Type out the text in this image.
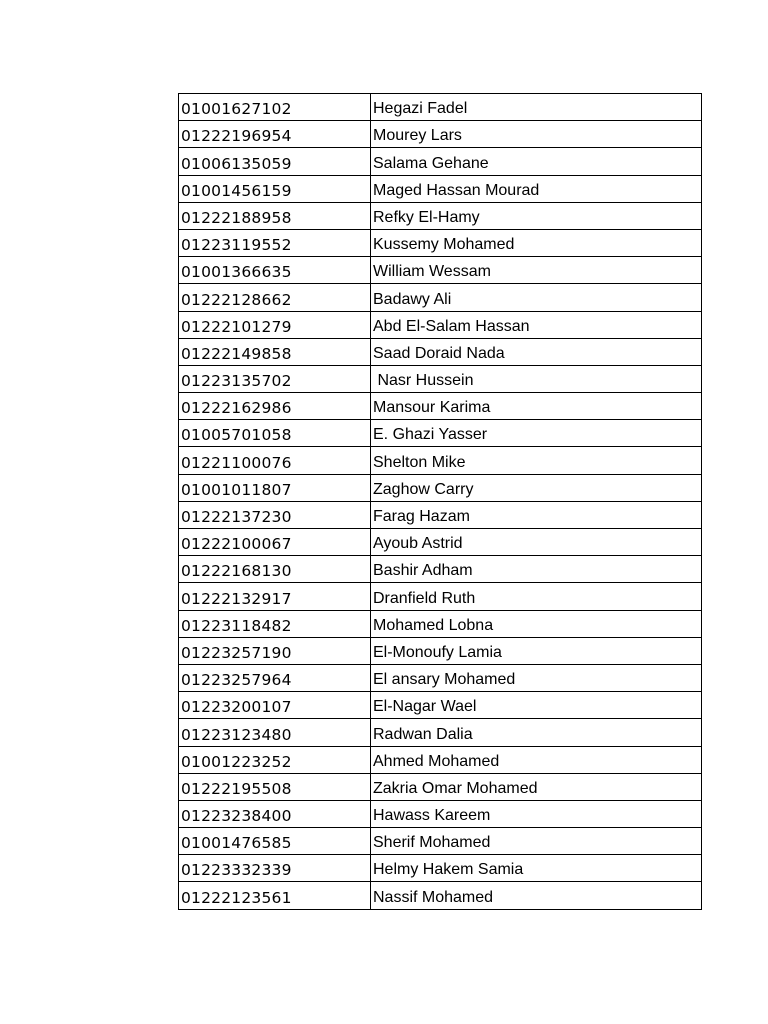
01001627102	Hegazi Fadel
01222196954	Mourey Lars
01006135059	Salama Gehane
01001456159	Maged Hassan Mourad
01222188958	Refky El-Hamy
01223119552	Kussemy Mohamed
01001366635	William Wessam
01222128662	Badawy Ali
01222101279	Abd El-Salam Hassan
01222149858	Saad Doraid Nada
01223135702	Nasr Hussein
01222162986	Mansour Karima
01005701058	E. Ghazi Yasser
01221100076	Shelton Mike
01001011807	Zaghow Carry
01222137230	Farag Hazam
01222100067	Ayoub Astrid
01222168130	Bashir Adham
01222132917	Dranfield Ruth
01223118482	Mohamed Lobna
01223257190	El-Monoufy Lamia
01223257964	El ansary Mohamed
01223200107	El-Nagar Wael
01223123480	Radwan Dalia
01001223252	Ahmed Mohamed
01222195508	Zakria Omar Mohamed
01223238400	Hawass Kareem
01001476585	Sherif Mohamed
01223332339	Helmy Hakem Samia
01222123561	Nassif Mohamed
